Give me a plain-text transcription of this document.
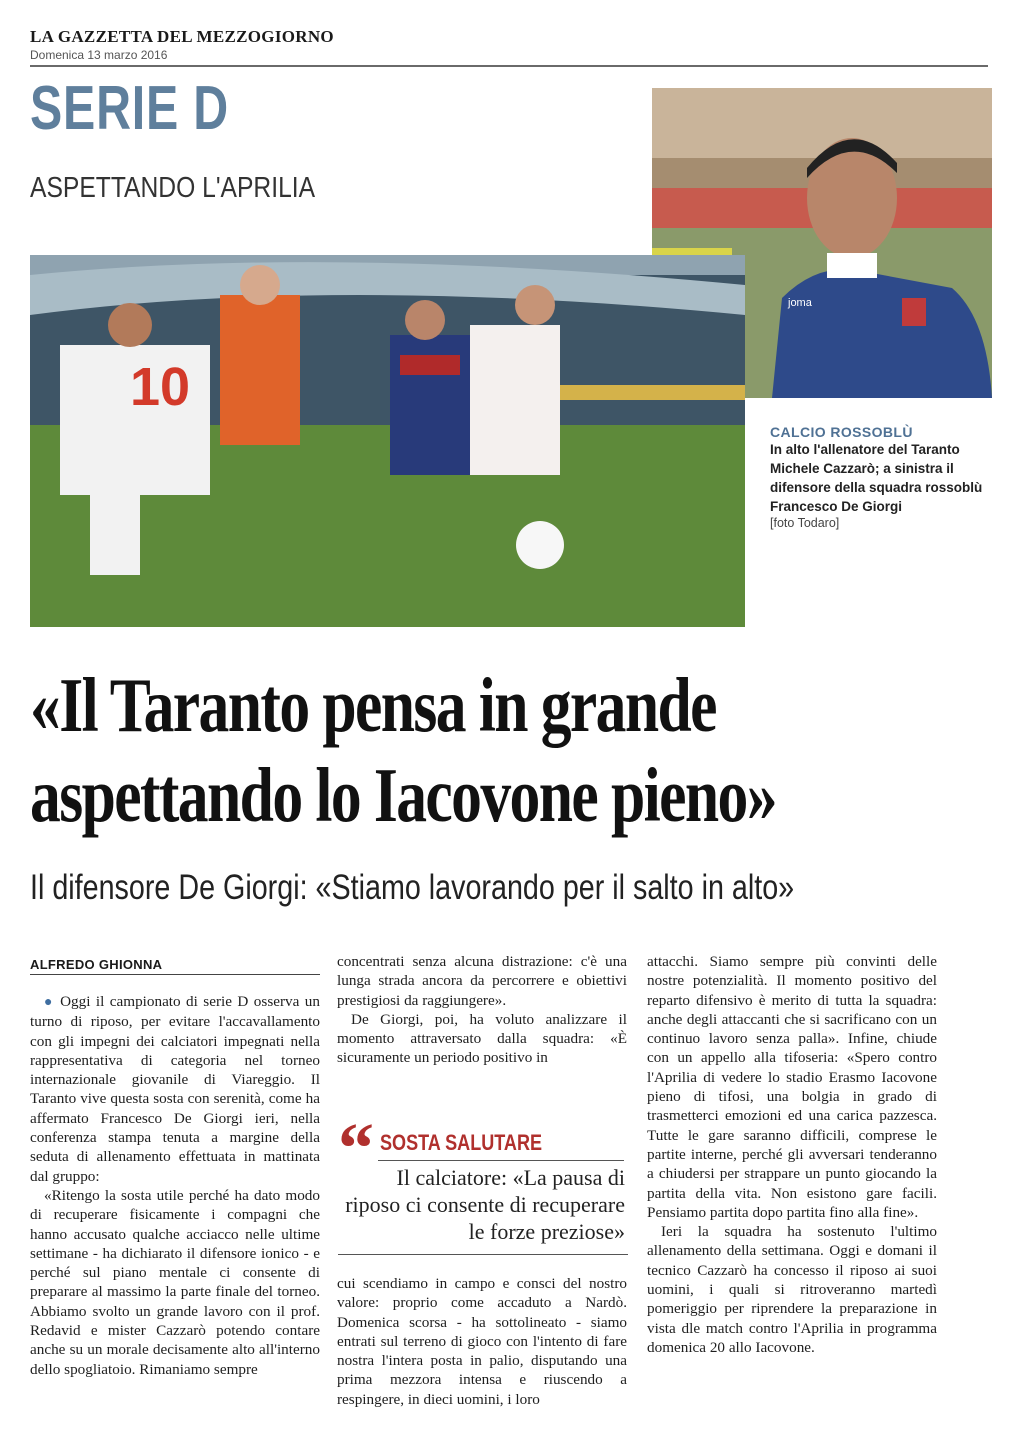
LA GAZZETTA DEL MEZZOGIORNO
Domenica 13 marzo 2016
SERIE D
ASPETTANDO L'APRILIA
joma
10
CALCIO ROSSOBLÙ
In alto l'allenatore del Taranto Michele Cazzarò; a sinistra il difensore della squadra rossoblù Francesco De Giorgi
[foto Todaro]
«Il Taranto pensa in grande
aspettando lo Iacovone pieno»
Il difensore De Giorgi: «Stiamo lavorando per il salto in alto»
ALFREDO GHIONNA

● Oggi il campionato di serie D osserva un turno di riposo, per evitare l'accavallamento con gli impegni dei calciatori impegnati nella rappresentativa di categoria nel torneo internazionale giovanile di Viareggio. Il Taranto vive questa sosta con serenità, come ha affermato Francesco De Giorgi ieri, nella conferenza stampa tenuta a margine della seduta di allenamento effettuata in mattinata dal gruppo:

«Ritengo la sosta utile perché ha dato modo di recuperare fisicamente i compagni che hanno accusato qualche acciacco nelle ultime settimane - ha dichiarato il difensore ionico - e perché sul piano mentale ci consente di preparare al massimo la parte finale del torneo. Abbiamo svolto un grande lavoro con il prof. Redavid e mister Cazzarò potendo contare anche su un morale decisamente alto all'interno dello spogliatoio. Rimaniamo sempre

concentrati senza alcuna distrazione: c'è una lunga strada ancora da percorrere e obiettivi prestigiosi da raggiungere».

De Giorgi, poi, ha voluto analizzare il momento attraversato dalla squadra: «È sicuramente un periodo positivo in

“ SOSTA SALUTARE
Il calciatore: «La pausa di riposo ci consente di recuperare le forze preziose»

cui scendiamo in campo e consci del nostro valore: proprio come accaduto a Nardò. Domenica scorsa - ha sottolineato - siamo entrati sul terreno di gioco con l'intento di fare nostra l'intera posta in palio, disputando una prima mezzora intensa e riuscendo a respingere, in dieci uomini, i loro

attacchi. Siamo sempre più convinti delle nostre potenzialità. Il momento positivo del reparto difensivo è merito di tutta la squadra: anche degli attaccanti che si sacrificano con un continuo lavoro senza palla». Infine, chiude con un appello alla tifoseria: «Spero contro l'Aprilia di vedere lo stadio Erasmo Iacovone pieno di tifosi, una bolgia in grado di trasmetterci emozioni ed una carica pazzesca. Tutte le gare saranno difficili, comprese le partite interne, perché gli avversari tenderanno a chiudersi per strappare un punto giocando la partita della vita. Non esistono gare facili. Pensiamo partita dopo partita fino alla fine».

Ieri la squadra ha sostenuto l'ultimo allenamento della settimana. Oggi e domani il tecnico Cazzarò ha concesso il riposo ai suoi uomini, i quali si ritroveranno martedì pomeriggio per riprendere la preparazione in vista dle match contro l'Aprilia in programma domenica 20 allo Iacovone.
